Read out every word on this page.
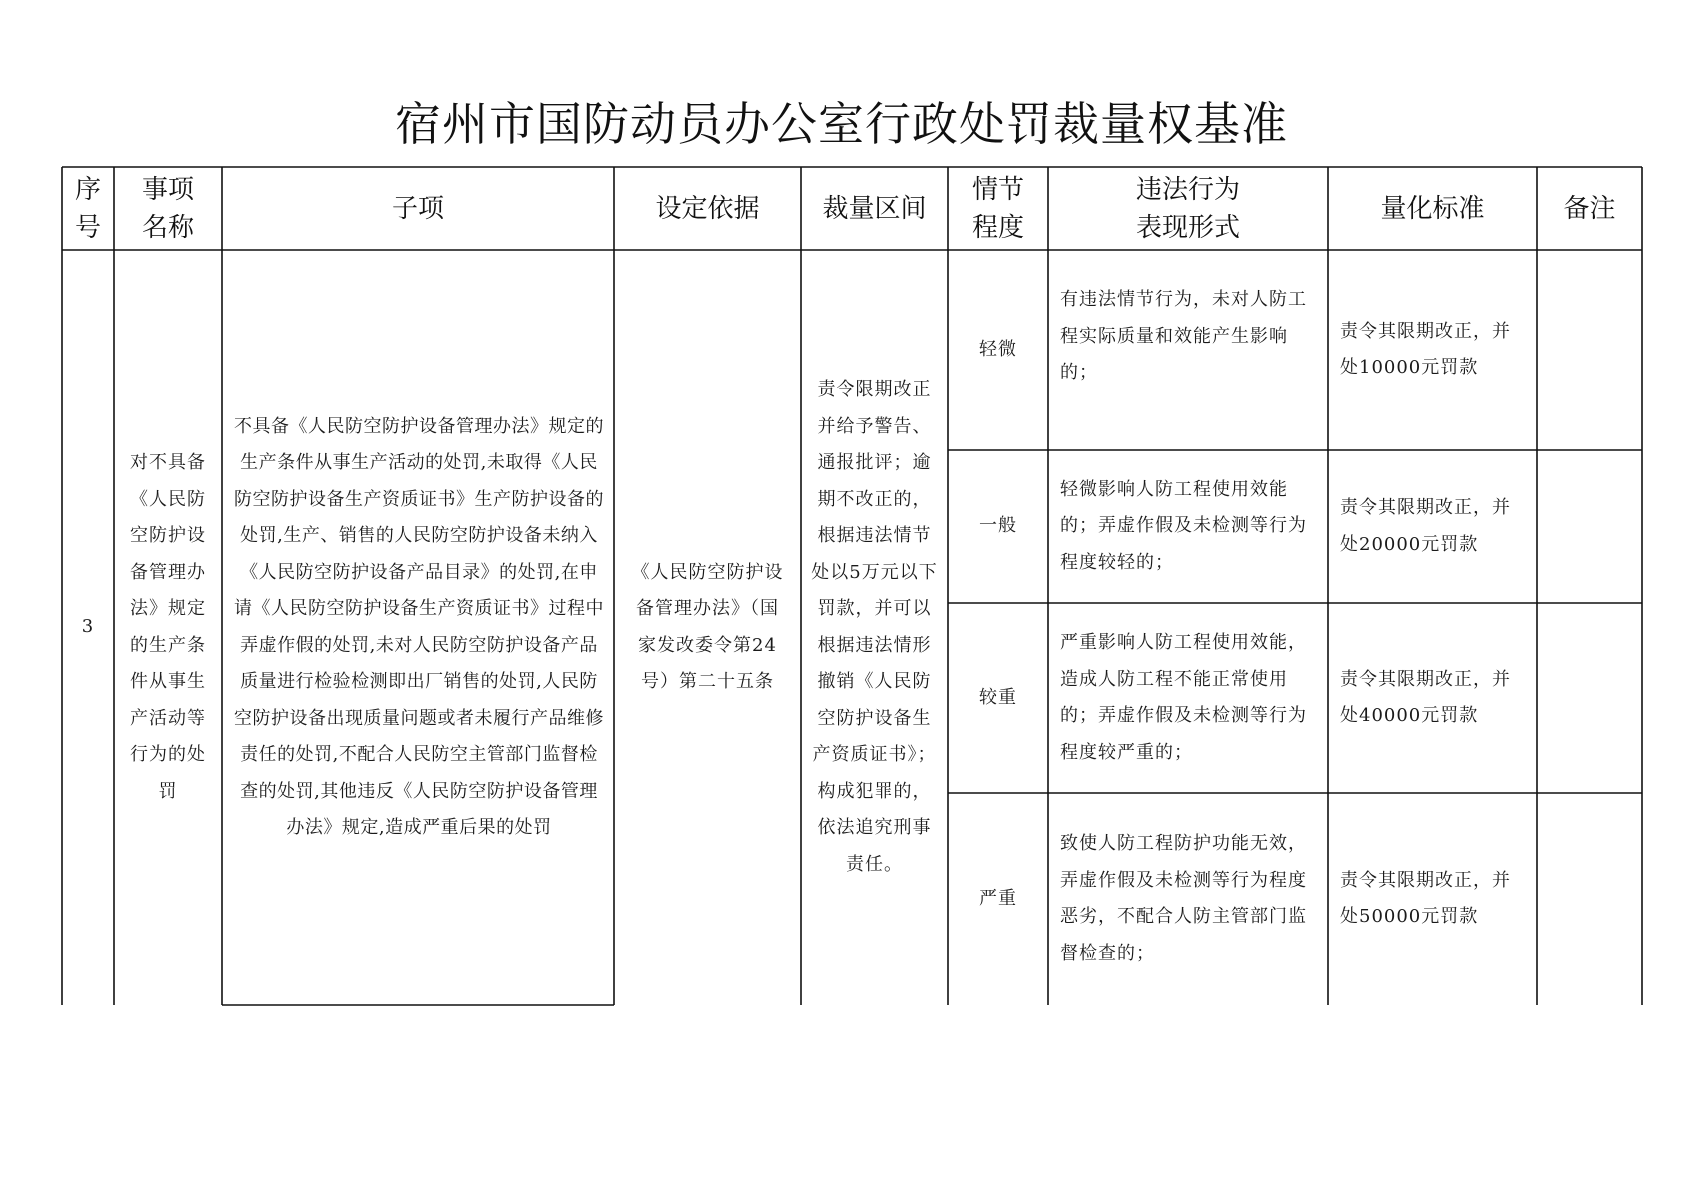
宿州市国防动员办公室行政处罚裁量权基准
序号
事项名称
子项	设定依据 裁量区间
情节程度
违法行为表现形式
量化标准	备注
3
对不具备《人民防空防护设备管理办法》规定的生产条件从事生产活动等行为的处罚
不具备《人民防空防护设备管理办法》规定的生产条件从事生产活动的处罚,未取得《人民防空防护设备生产资质证书》生产防护设备的处罚,生产、销售的人民防空防护设备未纳入《人民防空防护设备产品目录》的处罚,在申请《人民防空防护设备生产资质证书》过程中弄虚作假的处罚,未对人民防空防护设备产品质量进行检验检测即出厂销售的处罚,人民防空防护设备出现质量问题或者未履行产品维修责任的处罚,不配合人民防空主管部门监督检查的处罚,其他违反《人民防空防护设备管理办法》规定,造成严重后果的处罚
《人民防空防护设备管理办法》（国家发改委令第24号）第二十五条
责令限期改正并给予警告、通报批评；逾期不改正的，根据违法情节处以5万元以下罚款，并可以根据违法情形撤销《人民防空防护设备生产资质证书》；构成犯罪的，依法追究刑事责任。
轻微
有违法情节行为，未对人防工程实际质量和效能产生影响的；
责令其限期改正，并处10000元罚款
一般
轻微影响人防工程使用效能的；弄虚作假及未检测等行为程度较轻的；
责令其限期改正，并处20000元罚款
较重
严重影响人防工程使用效能，造成人防工程不能正常使用的；弄虚作假及未检测等行为程度较严重的；
责令其限期改正，并处40000元罚款
严重
致使人防工程防护功能无效，弄虚作假及未检测等行为程度恶劣，不配合人防主管部门监督检查的；
责令其限期改正，并处50000元罚款
